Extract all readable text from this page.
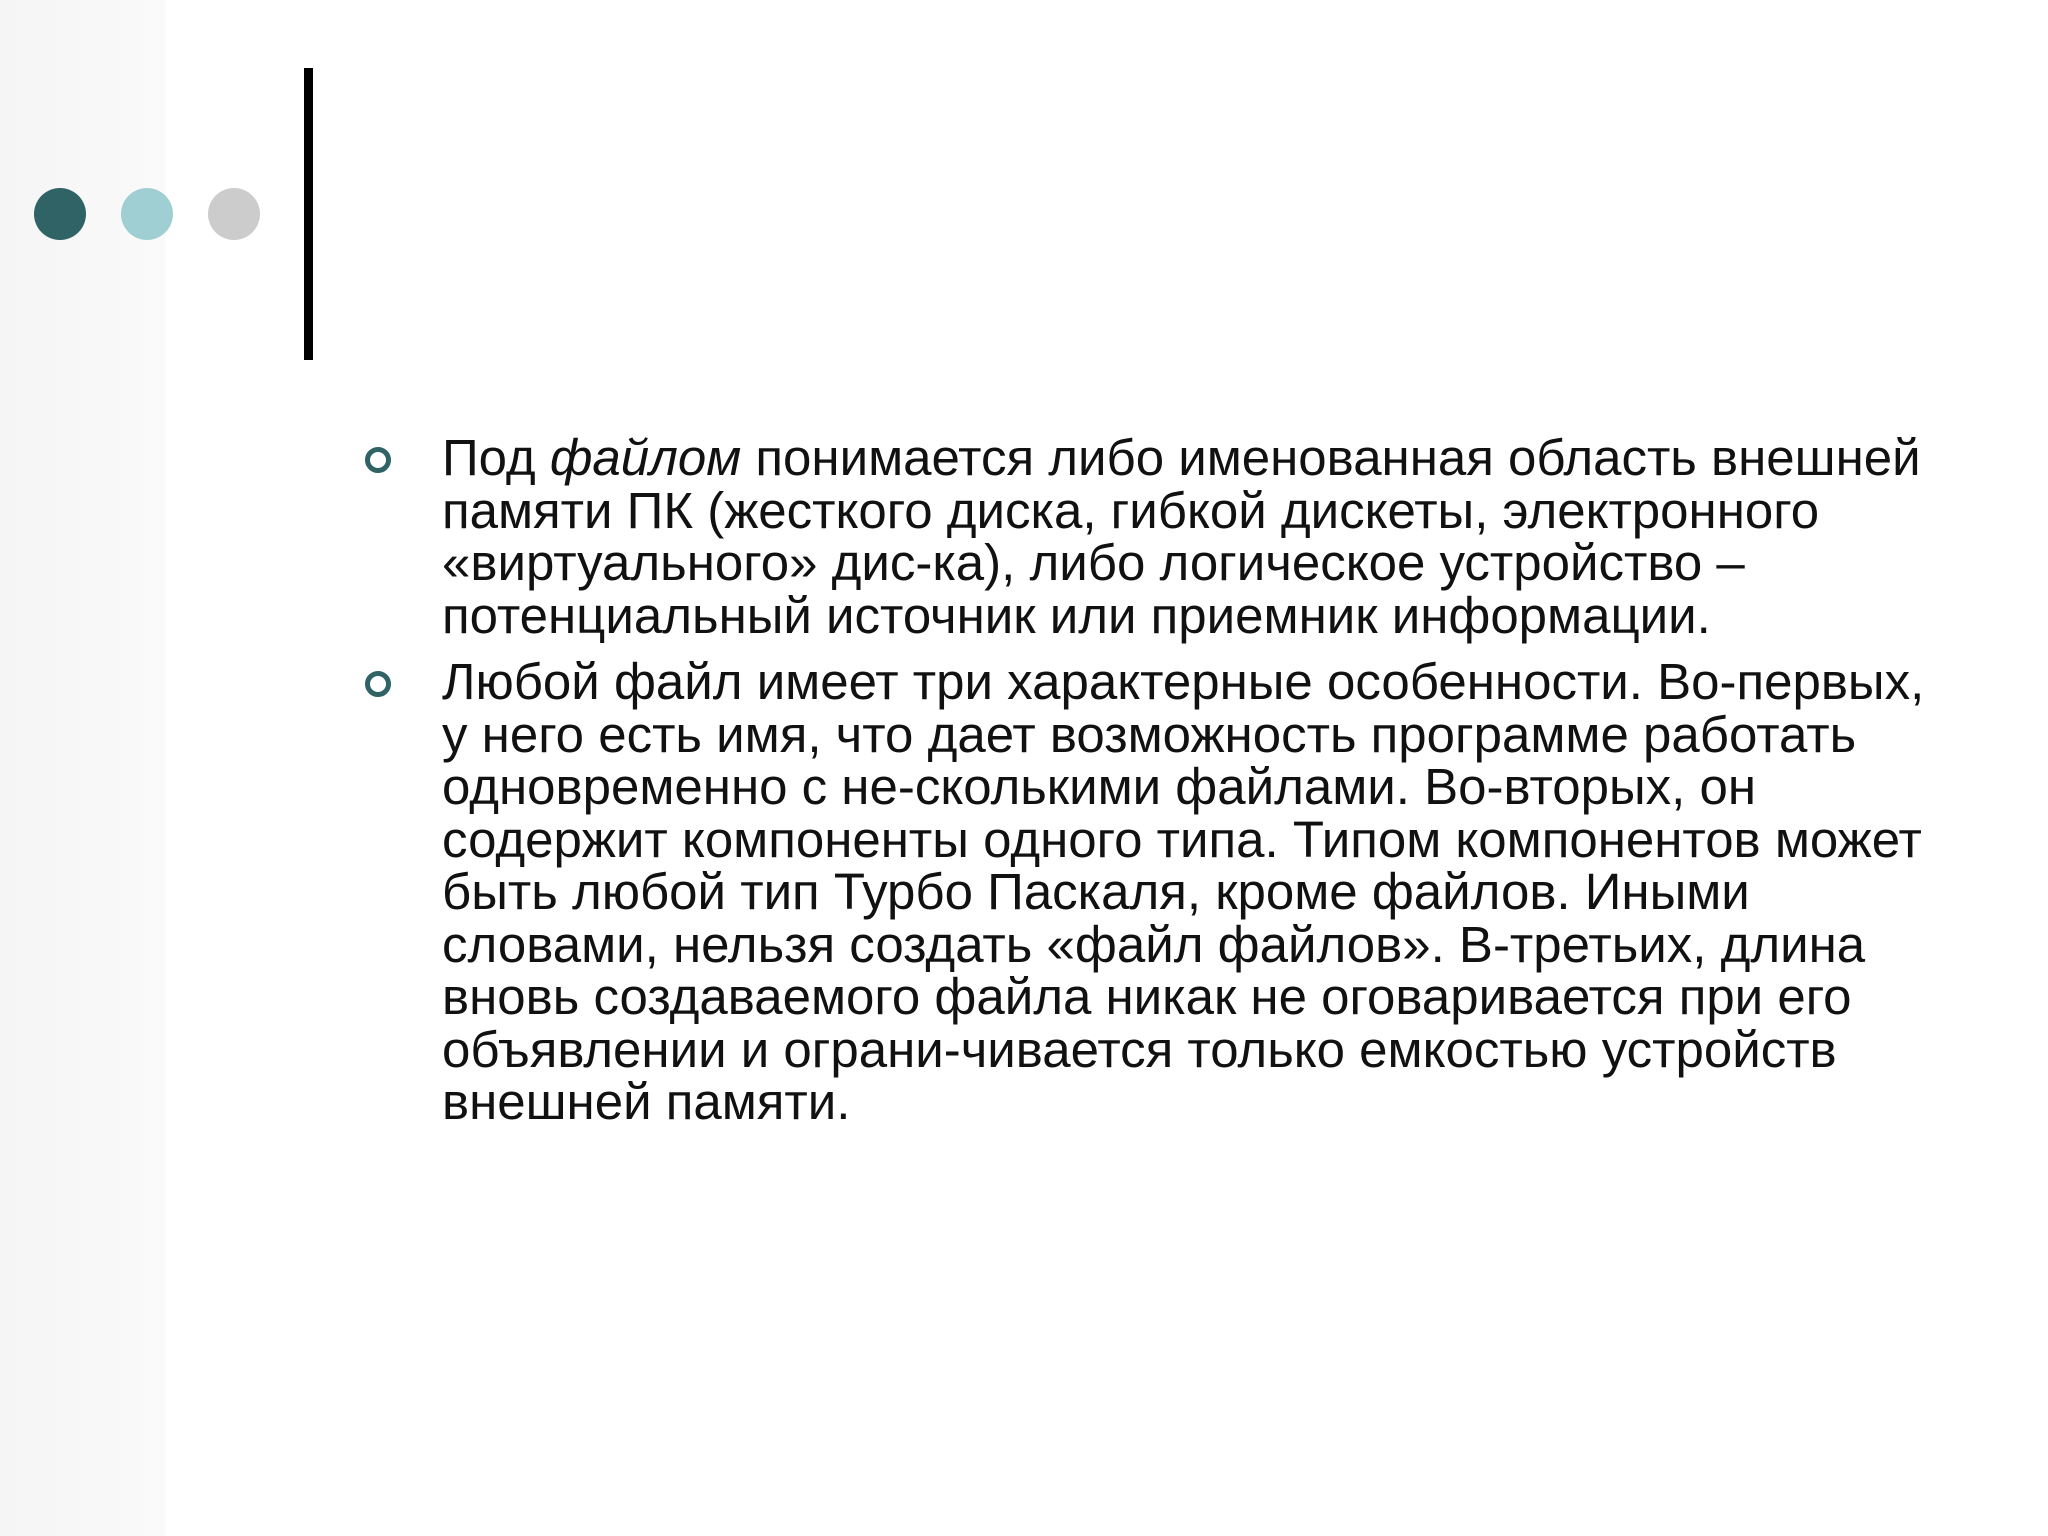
Под файлом понимается либо именованная область внешней памяти ПК (жесткого диска, гибкой дискеты, электронного «виртуального» дис-ка), либо логическое устройство – потенциальный источник или приемник информации.
Любой файл имеет три характерные особенности. Во-первых, у него есть имя, что дает возможность программе работать одновременно с не-сколькими файлами. Во-вторых, он содержит компоненты одного типа. Типом компонентов может быть любой тип Турбо Паскаля, кроме файлов. Иными словами, нельзя создать «файл файлов». В-третьих, длина вновь создаваемого файла никак не оговаривается при его объявлении и ограни-чивается только емкостью устройств внешней памяти.
